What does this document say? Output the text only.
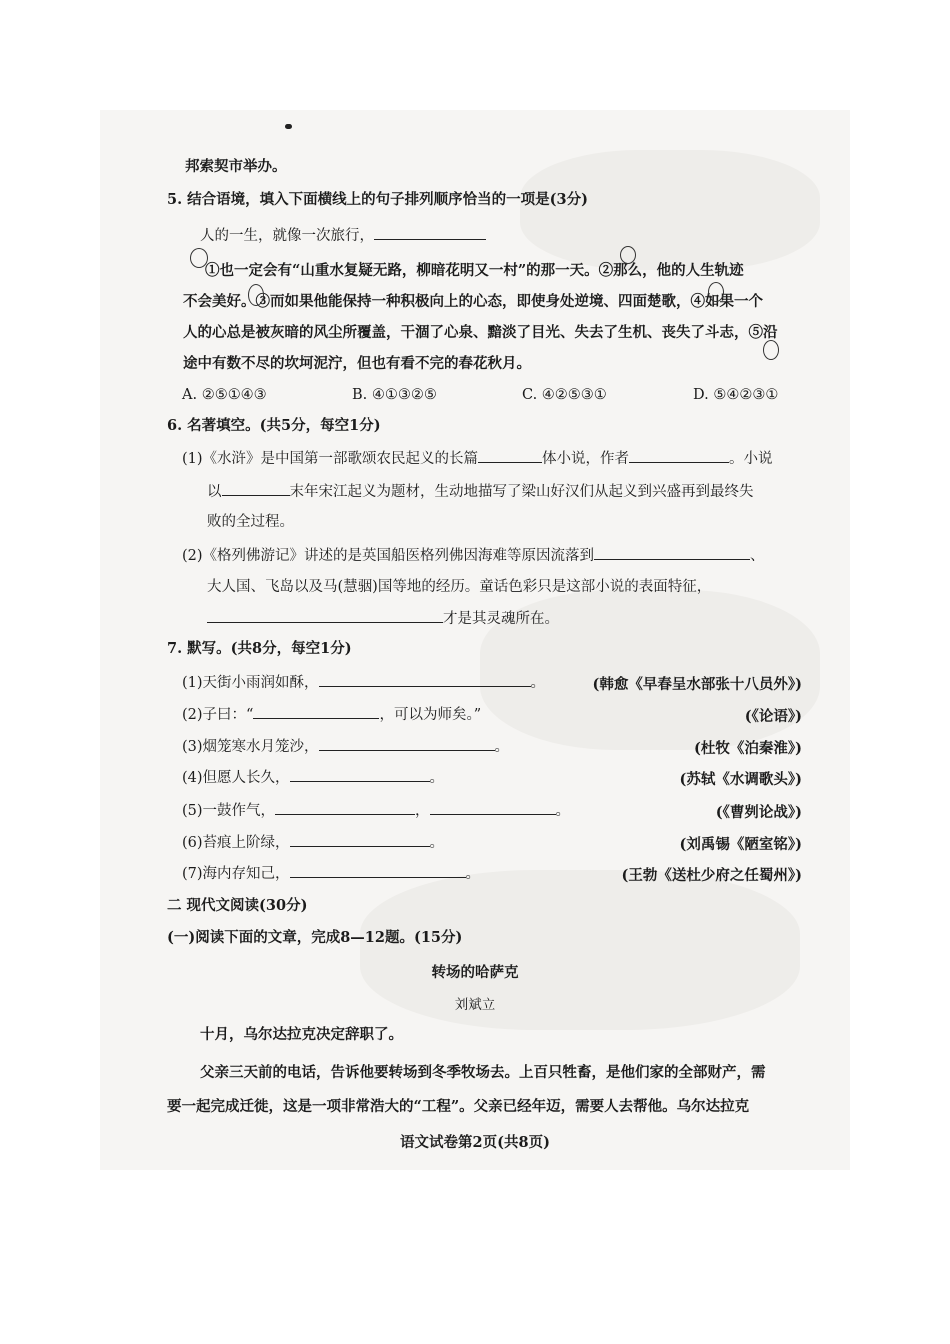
邦索契市举办。
5. 结合语境，填入下面横线上的句子排列顺序恰当的一项是(3分)
人的一生，就像一次旅行，
①也一定会有“山重水复疑无路，柳暗花明又一村”的那一天。②那么，他的人生轨迹
不会美好。③而如果他能保持一种积极向上的心态，即使身处逆境、四面楚歌，④如果一个
人的心总是被灰暗的风尘所覆盖，干涸了心泉、黯淡了目光、失去了生机、丧失了斗志，⑤沿
途中有数不尽的坎坷泥泞，但也有看不完的春花秋月。
A. ②⑤①④③	B. ④①③②⑤	C. ④②⑤③①	D. ⑤④②③①
6. 名著填空。(共5分，每空1分)
(1)《水浒》是中国第一部歌颂农民起义的长篇	体小说，作者	。小说
以	末年宋江起义为题材，生动地描写了梁山好汉们从起义到兴盛再到最终失
败的全过程。
(2)《格列佛游记》讲述的是英国船医格列佛因海难等原因流落到	、
大人国、飞岛以及马(慧骃)国等地的经历。童话色彩只是这部小说的表面特征，
才是其灵魂所在。
7. 默写。(共8分，每空1分)
(1)天街小雨润如酥，	。	(韩愈《早春呈水部张十八员外》)
(2)子曰：“	，可以为师矣。”	(《论语》)
(3)烟笼寒水月笼沙，	。	(杜牧《泊秦淮》)
(4)但愿人长久，	。	(苏轼《水调歌头》)
(5)一鼓作气，	，	。	(《曹刿论战》)
(6)苔痕上阶绿，	。	(刘禹锡《陋室铭》)
(7)海内存知己，	。	(王勃《送杜少府之任蜀州》)
二 现代文阅读(30分)
(一)阅读下面的文章，完成8—12题。(15分)
转场的哈萨克
刘斌立
十月，乌尔达拉克决定辞职了。
父亲三天前的电话，告诉他要转场到冬季牧场去。上百只牲畜，是他们家的全部财产，需
要一起完成迁徙，这是一项非常浩大的“工程”。父亲已经年迈，需要人去帮他。乌尔达拉克
语文试卷第2页(共8页)
